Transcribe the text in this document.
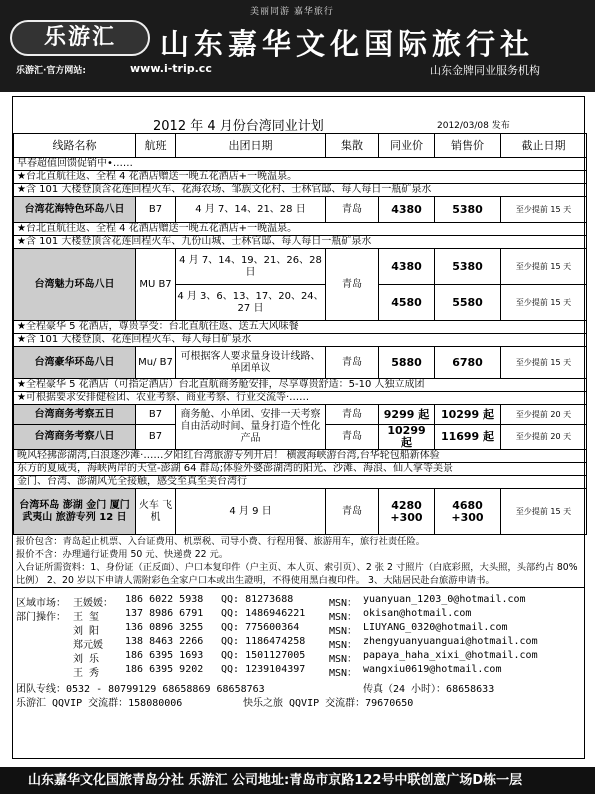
美丽同游 嘉华旅行
乐游汇	山东嘉华文化国际旅行社
乐游汇·官方网站:	www.i-trip.cc	山东金牌同业服务机构
2012 年 4 月份台湾同业计划	2012/03/08 发布
线路名称	航班	出团日期	集散	同业价	销售价	截止日期
早春超值回馈促销中•……						
★台北直航往返、全程 4 花酒店赠送一晚五花酒店+一晚温泉。						
★含 101 大楼登顶含花莲回程火车、花海农场、邹族文化村、士林官邸、每人每日一瓶矿泉水						
台湾花海特色环岛八日	B7	4 月 7、14、21、28 日	青岛	4380	5380	至少提前 15 天
★台北直航往返、全程 4 花酒店赠送一晚五花酒店+一晚温泉。						
★含 101 大楼登顶含花莲回程火车、九份山城、士林官邸、每人每日一瓶矿泉水						
台湾魅力环岛八日	MU B7	4 月 7、14、19、21、26、28 日	青岛	4380	5380	至少提前 15 天
		4 月 3、6、13、17、20、24、27 日		4580	5580	至少提前 15 天
★全程豪华 5 花酒店，尊贵享受：台北直航往返、送五大风味餐						
★含 101 大楼登顶、花莲回程火车、每人每日矿泉水						
台湾豪华环岛八日	Mu/ B7	可根据客人要求量身设计线路、单团单议	青岛	5880	6780	至少提前 15 天
★全程豪华 5 花酒店（可指定酒店）台北直航商务舱安排，尽享尊贵舒适：5-10 人独立成团						
★可根据要求安排健检团、农业考察、商业考察、行业交流等·……						
台湾商务考察五日	B7	商务舱、小单团、安排一天考察自由活动时间、量身打造个性化产品	青岛	9299 起	10299 起	至少提前 20 天
台湾商务考察八日	B7		青岛	10299 起	11699 起	至少提前 20 天
晚风轻拂澎湖湾,白浪逐沙滩·……夕阳红台湾旅游专列开启！ 横渡海峡游台湾,台华轮包船新体验						
东方的夏威夷，海峡两岸的天堂-澎湖 64 群岛;体验外婆澎湖湾的阳光、沙滩、海浪、仙人掌等美景						
金门、台湾、澎湖风光全接触，感受至真至美台湾行						
台湾环岛 澎湖 金门 厦门 武夷山 旅游专列 12 日	火车 飞机	4 月 9 日	青岛	4280 +300	4680 +300	至少提前 15 天
报价包含：青岛起止机票、入台证费用、机票税、司导小费、行程用餐、旅游用车，旅行社责任险。
报价不含：办理通行证费用 50 元、快递费 22 元。
入台证所需资料：1、身份证（正反面）、户口本复印件（户主页、本人页、索引页）、2 张 2 寸照片（白底彩照，大头照，头部约占 80%比例） 2、20 岁以下申请人需附彩色全家户口本或出生證明，不得使用黑白複印件。 3、大陆居民赴台旅游申请书。
区域市场： 王媛媛： 186 6022 5938 QQ: 81273688	MSN： yuanyuan_1203_0@hotmail.com
部门操作： 王 玺	137 8986 6791 QQ: 1486946221 MSN： okisan@hotmail.com
刘 阳	136 0896 3255 QQ: 775600364	MSN： LIUYANG_0320@hotmail.com
郑元媛 138 8463 2266 QQ: 1186474258 MSN： zhengyuanyuanguai@hotmail.com
刘 乐	186 6395 1693 QQ: 1501127005 MSN： papaya_haha_xixi_@hotmail.com
王 秀	186 6395 9202 QQ: 1239104397 MSN： wangxiu0619@hotmail.com
团队专线：0532 - 80799129 68658869 68658763	传真（24 小时）：68658633
乐游汇 QQVIP 交流群：158080006	快乐之旅 QQVIP 交流群：79670650
山东嘉华文化国旅青岛分社 乐游汇 公司地址:青岛市京路122号中联创意广场D栋一层
